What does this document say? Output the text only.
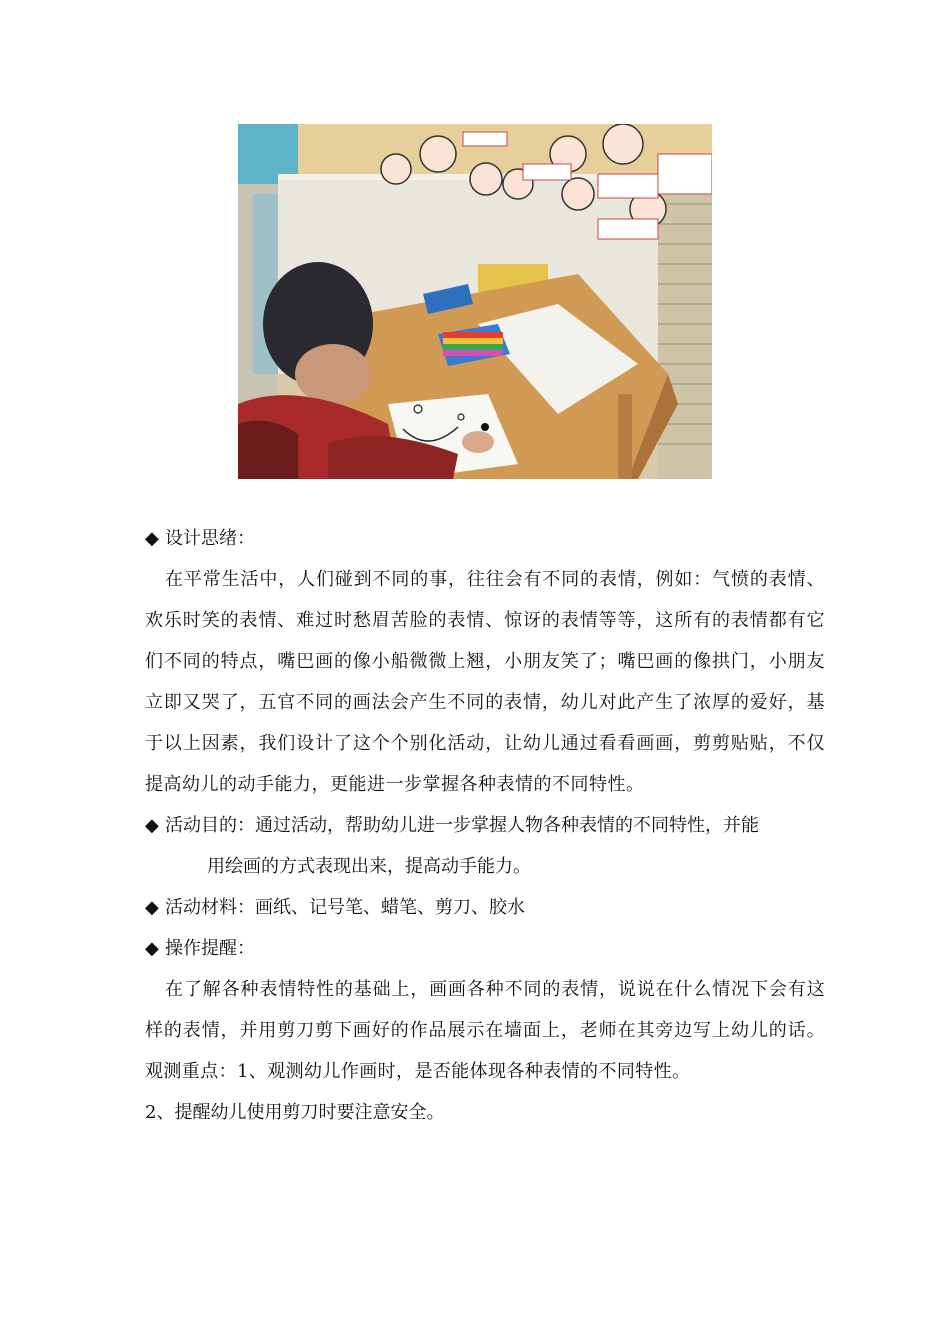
◆ 设计思绪：

在平常生活中，人们碰到不同的事，往往会有不同的表情，例如：气愤的表情、欢乐时笑的表情、难过时愁眉苦脸的表情、惊讶的表情等等，这所有的表情都有它们不同的特点，嘴巴画的像小船微微上翘，小朋友笑了；嘴巴画的像拱门，小朋友立即又哭了，五官不同的画法会产生不同的表情，幼儿对此产生了浓厚的爱好，基于以上因素，我们设计了这个个别化活动，让幼儿通过看看画画，剪剪贴贴，不仅提高幼儿的动手能力，更能进一步掌握各种表情的不同特性。

◆ 活动目的：通过活动，帮助幼儿进一步掌握人物各种表情的不同特性，并能

用绘画的方式表现出来，提高动手能力。

◆ 活动材料：画纸、记号笔、蜡笔、剪刀、胶水

◆ 操作提醒：

在了解各种表情特性的基础上，画画各种不同的表情，说说在什么情况下会有这样的表情，并用剪刀剪下画好的作品展示在墙面上，老师在其旁边写上幼儿的话。观测重点：1、观测幼儿作画时，是否能体现各种表情的不同特性。

2、提醒幼儿使用剪刀时要注意安全。
